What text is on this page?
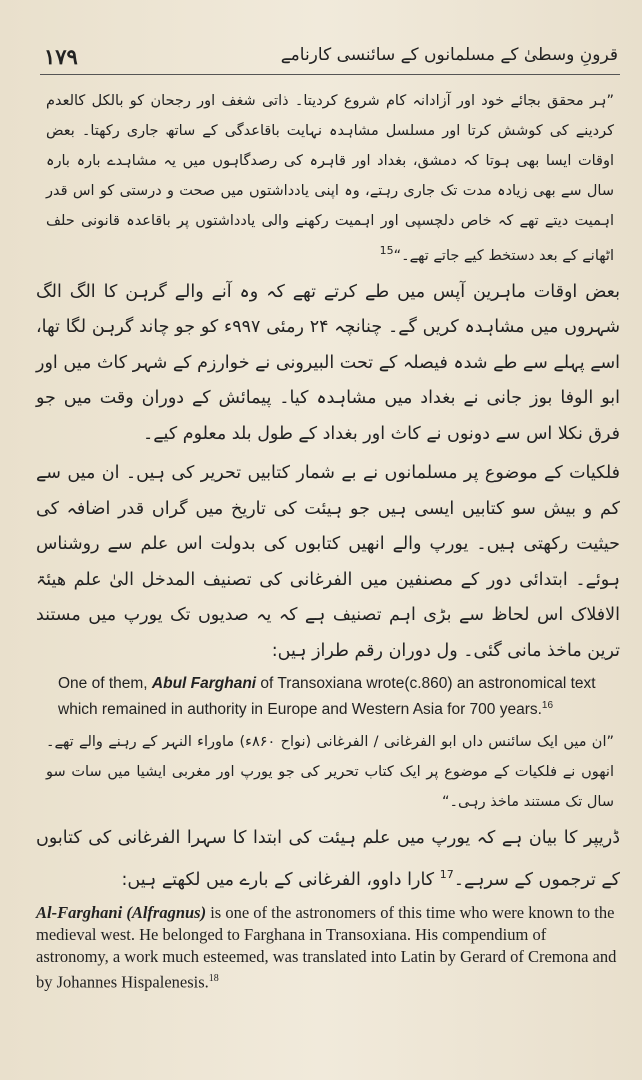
۱۷۹	قرونِ وسطیٰ کے مسلمانوں کے سائنسی کارنامے

”ہر محقق بجائے خود اور آزادانہ کام شروع کردیتا۔ ذاتی شغف اور رجحان کو بالکل کالعدم کردینے کی کوشش کرتا اور مسلسل مشاہدہ نہایت باقاعدگی کے ساتھ جاری رکھتا۔ بعض اوقات ایسا بھی ہوتا کہ دمشق، بغداد اور قاہرہ کی رصدگاہوں میں یہ مشاہدے بارہ بارہ سال سے بھی زیادہ مدت تک جاری رہتے، وہ اپنی یادداشتوں میں صحت و درستی کو اس قدر اہمیت دیتے تھے کہ خاص دلچسپی اور اہمیت رکھنے والی یادداشتوں پر باقاعدہ قانونی حلف اٹھانے کے بعد دستخط کیے جاتے تھے۔“$^{15}$

بعض اوقات ماہرین آپس میں طے کرتے تھے کہ وہ آنے والے گرہن کا الگ الگ شہروں میں مشاہدہ کریں گے۔ چنانچہ ۲۴ رمئی ۹۹۷ء کو جو چاند گرہن لگا تھا، اسے پہلے سے طے شدہ فیصلہ کے تحت البیرونی نے خوارزم کے شہر کاث میں اور ابو الوفا بوز جانی نے بغداد میں مشاہدہ کیا۔ پیمائش کے دوران وقت میں جو فرق نکلا اس سے دونوں نے کاث اور بغداد کے طول بلد معلوم کیے۔

فلکیات کے موضوع پر مسلمانوں نے بے شمار کتابیں تحریر کی ہیں۔ ان میں سے کم و بیش سو کتابیں ایسی ہیں جو ہیئت کی تاریخ میں گراں قدر اضافہ کی حیثیت رکھتی ہیں۔ یورپ والے انھیں کتابوں کی بدولت اس علم سے روشناس ہوئے۔ ابتدائی دور کے مصنفین میں الفرغانی کی تصنیف المدخل الیٰ علم ھیئۃ الافلاک اس لحاظ سے بڑی اہم تصنیف ہے کہ یہ صدیوں تک یورپ میں مستند ترین ماخذ مانی گئی۔ ول دوران رقم طراز ہیں:

One of them, Abul Farghani of Transoxiana wrote(c.860) an astronomical text which remained in authority in Europe and Western Asia for 700 years.$^{16}$

”ان میں ایک سائنس داں ابو الفرغانی / الفرغانی (نواح ۸۶۰ء) ماوراء النہر کے رہنے والے تھے۔ انھوں نے فلکیات کے موضوع پر ایک کتاب تحریر کی جو یورپ اور مغربی ایشیا میں سات سو سال تک مستند ماخذ رہی۔“

ڈریپر کا بیان ہے کہ یورپ میں علم ہیئت کی ابتدا کا سہرا الفرغانی کی کتابوں کے ترجموں کے سرہے۔$^{17}$ کارا داوو، الفرغانی کے بارے میں لکھتے ہیں:

Al-Farghani (Alfragnus) is one of the astronomers of this time who were known to the medieval west. He belonged to Farghana in Transoxiana. His compendium of astronomy, a work much esteemed, was translated into Latin by Gerard of Cremona and by Johannes Hispalenesis.$^{18}$
